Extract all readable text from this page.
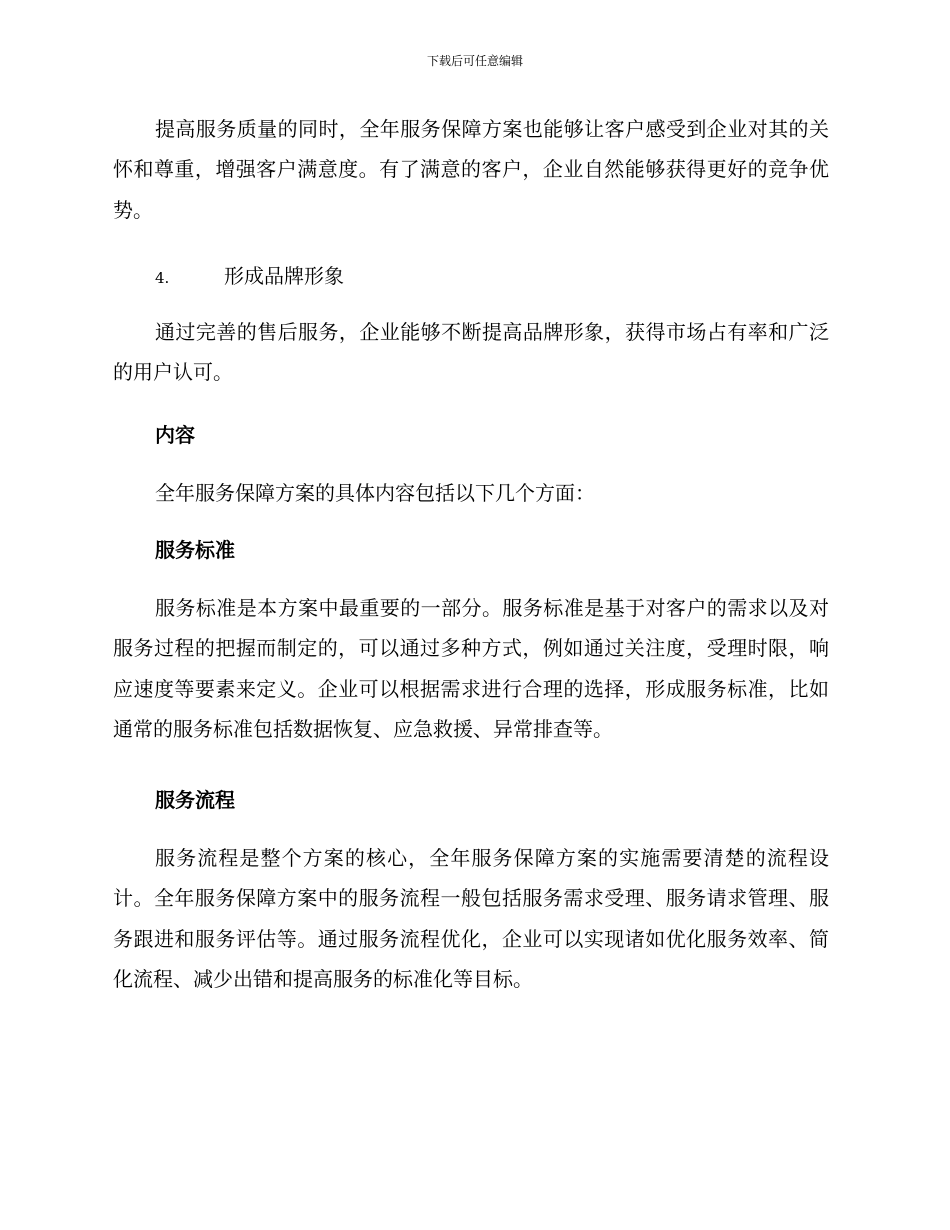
下载后可任意编辑

提高服务质量的同时，全年服务保障方案也能够让客户感受到企业对其的关怀和尊重，增强客户满意度。有了满意的客户，企业自然能够获得更好的竞争优势。

4.	形成品牌形象

通过完善的售后服务，企业能够不断提高品牌形象，获得市场占有率和广泛的用户认可。

内容

全年服务保障方案的具体内容包括以下几个方面：

服务标准

服务标准是本方案中最重要的一部分。服务标准是基于对客户的需求以及对服务过程的把握而制定的，可以通过多种方式，例如通过关注度，受理时限，响应速度等要素来定义。企业可以根据需求进行合理的选择，形成服务标准，比如通常的服务标准包括数据恢复、应急救援、异常排查等。

服务流程

服务流程是整个方案的核心，全年服务保障方案的实施需要清楚的流程设计。全年服务保障方案中的服务流程一般包括服务需求受理、服务请求管理、服务跟进和服务评估等。通过服务流程优化，企业可以实现诸如优化服务效率、简化流程、减少出错和提高服务的标准化等目标。
